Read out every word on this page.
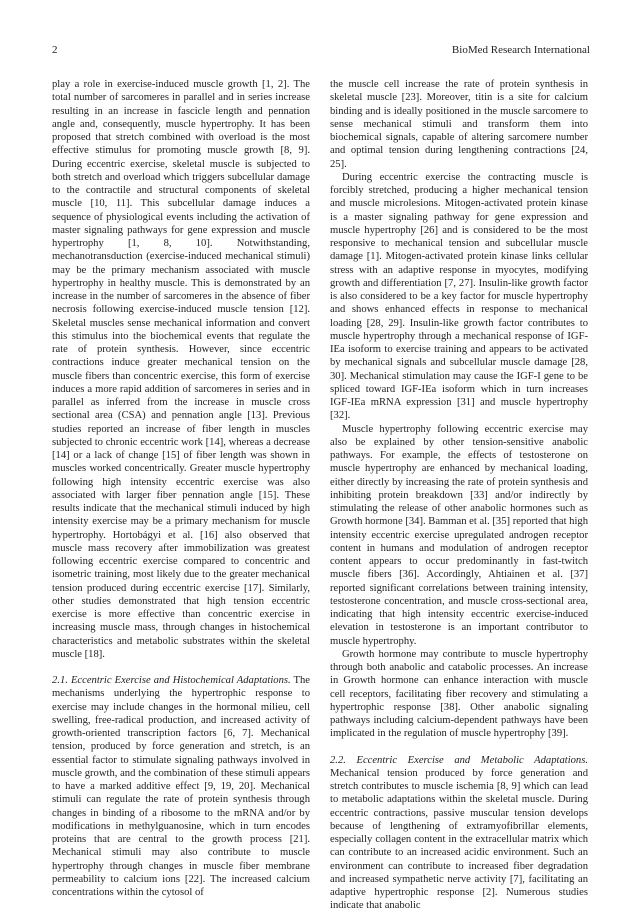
2	BioMed Research International

play a role in exercise-induced muscle growth [1, 2]. The total number of sarcomeres in parallel and in series increase resulting in an increase in fascicle length and pennation angle and, consequently, muscle hypertrophy. It has been proposed that stretch combined with overload is the most effective stimulus for promoting muscle growth [8, 9]. During eccentric exercise, skeletal muscle is subjected to both stretch and overload which triggers subcellular damage to the contractile and structural components of skeletal muscle [10, 11]. This subcellular damage induces a sequence of physiological events including the activation of master signaling pathways for gene expression and muscle hypertrophy [1, 8, 10]. Notwithstanding, mechanotransduction (exercise-induced mechanical stimuli) may be the primary mechanism associated with muscle hypertrophy in healthy muscle. This is demonstrated by an increase in the number of sarcomeres in the absence of fiber necrosis following exercise-induced muscle tension [12]. Skeletal muscles sense mechanical information and convert this stimulus into the biochemical events that regulate the rate of protein synthesis. However, since eccentric contractions induce greater mechanical tension on the muscle fibers than concentric exercise, this form of exercise induces a more rapid addition of sarcomeres in series and in parallel as inferred from the increase in muscle cross sectional area (CSA) and pennation angle [13]. Previous studies reported an increase of fiber length in muscles subjected to chronic eccentric work [14], whereas a decrease [14] or a lack of change [15] of fiber length was shown in muscles worked concentrically. Greater muscle hypertrophy following high intensity eccentric exercise was also associated with larger fiber pennation angle [15]. These results indicate that the mechanical stimuli induced by high intensity exercise may be a primary mechanism for muscle hypertrophy. Hortobágyi et al. [16] also observed that muscle mass recovery after immobilization was greatest following eccentric exercise compared to concentric and isometric training, most likely due to the greater mechanical tension produced during eccentric exercise [17]. Similarly, other studies demonstrated that high tension eccentric exercise is more effective than concentric exercise in increasing muscle mass, through changes in histochemical characteristics and metabolic substrates within the skeletal muscle [18].

2.1. Eccentric Exercise and Histochemical Adaptations. The mechanisms underlying the hypertrophic response to exercise may include changes in the hormonal milieu, cell swelling, free-radical production, and increased activity of growth-oriented transcription factors [6, 7]. Mechanical tension, produced by force generation and stretch, is an essential factor to stimulate signaling pathways involved in muscle growth, and the combination of these stimuli appears to have a marked additive effect [9, 19, 20]. Mechanical stimuli can regulate the rate of protein synthesis through changes in binding of a ribosome to the mRNA and/or by modifications in methylguanosine, which in turn encodes proteins that are central to the growth process [21]. Mechanical stimuli may also contribute to muscle hypertrophy through changes in muscle fiber membrane permeability to calcium ions [22]. The increased calcium concentrations within the cytosol of

the muscle cell increase the rate of protein synthesis in skeletal muscle [23]. Moreover, titin is a site for calcium binding and is ideally positioned in the muscle sarcomere to sense mechanical stimuli and transform them into biochemical signals, capable of altering sarcomere number and optimal tension during lengthening contractions [24, 25].

During eccentric exercise the contracting muscle is forcibly stretched, producing a higher mechanical tension and muscle microlesions. Mitogen-activated protein kinase is a master signaling pathway for gene expression and muscle hypertrophy [26] and is considered to be the most responsive to mechanical tension and subcellular muscle damage [1]. Mitogen-activated protein kinase links cellular stress with an adaptive response in myocytes, modifying growth and differentiation [7, 27]. Insulin-like growth factor is also considered to be a key factor for muscle hypertrophy and shows enhanced effects in response to mechanical loading [28, 29]. Insulin-like growth factor contributes to muscle hypertrophy through a mechanical response of IGF-IEa isoform to exercise training and appears to be activated by mechanical signals and subcellular muscle damage [28, 30]. Mechanical stimulation may cause the IGF-I gene to be spliced toward IGF-IEa isoform which in turn increases IGF-IEa mRNA expression [31] and muscle hypertrophy [32].

Muscle hypertrophy following eccentric exercise may also be explained by other tension-sensitive anabolic pathways. For example, the effects of testosterone on muscle hypertrophy are enhanced by mechanical loading, either directly by increasing the rate of protein synthesis and inhibiting protein breakdown [33] and/or indirectly by stimulating the release of other anabolic hormones such as Growth hormone [34]. Bamman et al. [35] reported that high intensity eccentric exercise upregulated androgen receptor content in humans and modulation of androgen receptor content appears to occur predominantly in fast-twitch muscle fibers [36]. Accordingly, Ahtiainen et al. [37] reported significant correlations between training intensity, testosterone concentration, and muscle cross-sectional area, indicating that high intensity eccentric exercise-induced elevation in testosterone is an important contributor to muscle hypertrophy.

Growth hormone may contribute to muscle hypertrophy through both anabolic and catabolic processes. An increase in Growth hormone can enhance interaction with muscle cell receptors, facilitating fiber recovery and stimulating a hypertrophic response [38]. Other anabolic signaling pathways including calcium-dependent pathways have been implicated in the regulation of muscle hypertrophy [39].

2.2. Eccentric Exercise and Metabolic Adaptations. Mechanical tension produced by force generation and stretch contributes to muscle ischemia [8, 9] which can lead to metabolic adaptations within the skeletal muscle. During eccentric contractions, passive muscular tension develops because of lengthening of extramyofibrillar elements, especially collagen content in the extracellular matrix which can contribute to an increased acidic environment. Such an environment can contribute to increased fiber degradation and increased sympathetic nerve activity [7], facilitating an adaptive hypertrophic response [2]. Numerous studies indicate that anabolic
